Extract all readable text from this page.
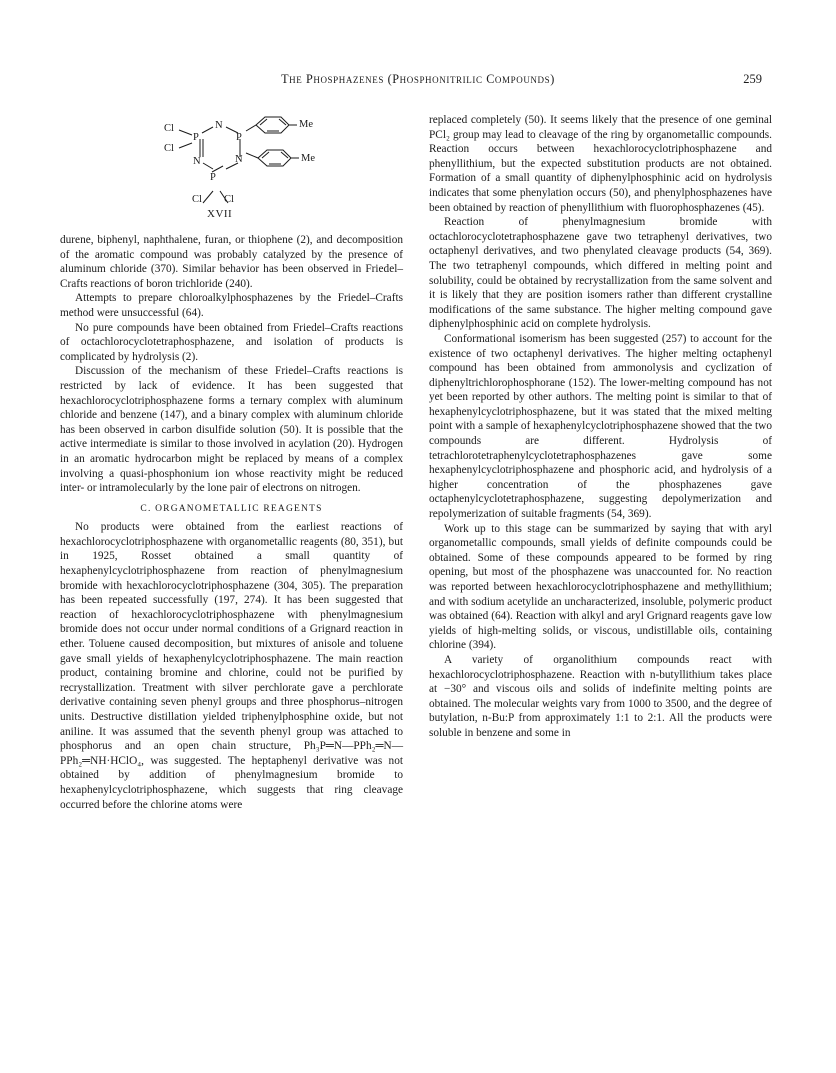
The Phosphazenes (Phosphonitrilic Compounds)	259
Cl
Cl
P
N
P
N
N
P
Cl Cl
Me
Me
XVII

durene, biphenyl, naphthalene, furan, or thiophene (2), and decomposition of the aromatic compound was probably catalyzed by the presence of aluminum chloride (370). Similar behavior has been observed in Friedel–Crafts reactions of boron trichloride (240).

Attempts to prepare chloroalkylphosphazenes by the Friedel–Crafts method were unsuccessful (64).

No pure compounds have been obtained from Friedel–Crafts reactions of octachlorocyclotetraphosphazene, and isolation of products is complicated by hydrolysis (2).

Discussion of the mechanism of these Friedel–Crafts reactions is restricted by lack of evidence. It has been suggested that hexachlorocyclotriphosphazene forms a ternary complex with aluminum chloride and benzene (147), and a binary complex with aluminum chloride has been observed in carbon disulfide solution (50). It is possible that the active intermediate is similar to those involved in acylation (20). Hydrogen in an aromatic hydrocarbon might be replaced by means of a complex involving a quasi-phosphonium ion whose reactivity might be reduced inter- or intramolecularly by the lone pair of electrons on nitrogen.

C. ORGANOMETALLIC REAGENTS

No products were obtained from the earliest reactions of hexachlorocyclotriphosphazene with organometallic reagents (80, 351), but in 1925, Rosset obtained a small quantity of hexaphenylcyclotriphosphazene from reaction of phenylmagnesium bromide with hexachlorocyclotriphosphazene (304, 305). The preparation has been repeated successfully (197, 274). It has been suggested that reaction of hexachlorocyclotriphosphazene with phenylmagnesium bromide does not occur under normal conditions of a Grignard reaction in ether. Toluene caused decomposition, but mixtures of anisole and toluene gave small yields of hexaphenylcyclotriphosphazene. The main reaction product, containing bromine and chlorine, could not be purified by recrystallization. Treatment with silver perchlorate gave a perchlorate derivative containing seven phenyl groups and three phosphorus–nitrogen units. Destructive distillation yielded triphenylphosphine oxide, but not aniline. It was assumed that the seventh phenyl group was attached to phosphorus and an open chain structure, Ph₃P═N—PPh₂═N—PPh₂═NH·HClO₄, was suggested. The heptaphenyl derivative was not obtained by addition of phenylmagnesium bromide to hexaphenylcyclotriphosphazene, which suggests that ring cleavage occurred before the chlorine atoms were

replaced completely (50). It seems likely that the presence of one geminal PCl₂ group may lead to cleavage of the ring by organometallic compounds. Reaction occurs between hexachlorocyclotriphosphazene and phenyllithium, but the expected substitution products are not obtained. Formation of a small quantity of diphenylphosphinic acid on hydrolysis indicates that some phenylation occurs (50), and phenylphosphazenes have been obtained by reaction of phenyllithium with fluorophosphazenes (45).

Reaction of phenylmagnesium bromide with octachlorocyclotetraphosphazene gave two tetraphenyl derivatives, two octaphenyl derivatives, and two phenylated cleavage products (54, 369). The two tetraphenyl compounds, which differed in melting point and solubility, could be obtained by recrystallization from the same solvent and it is likely that they are position isomers rather than different crystalline modifications of the same substance. The higher melting compound gave diphenylphosphinic acid on complete hydrolysis.

Conformational isomerism has been suggested (257) to account for the existence of two octaphenyl derivatives. The higher melting octaphenyl compound has been obtained from ammonolysis and cyclization of diphenyltrichlorophosphorane (152). The lower-melting compound has not yet been reported by other authors. The melting point is similar to that of hexaphenylcyclotriphosphazene, but it was stated that the mixed melting point with a sample of hexaphenylcyclotriphosphazene showed that the two compounds are different. Hydrolysis of tetrachlorotetraphenylcyclotetraphosphazenes gave some hexaphenylcyclotriphosphazene and phosphoric acid, and hydrolysis of a higher concentration of the phosphazenes gave octaphenylcyclotetraphosphazene, suggesting depolymerization and repolymerization of suitable fragments (54, 369).

Work up to this stage can be summarized by saying that with aryl organometallic compounds, small yields of definite compounds could be obtained. Some of these compounds appeared to be formed by ring opening, but most of the phosphazene was unaccounted for. No reaction was reported between hexachlorocyclotriphosphazene and methyllithium; and with sodium acetylide an uncharacterized, insoluble, polymeric product was obtained (64). Reaction with alkyl and aryl Grignard reagents gave low yields of high-melting solids, or viscous, undistillable oils, containing chlorine (394).

A variety of organolithium compounds react with hexachlorocyclotriphosphazene. Reaction with n-butyllithium takes place at −30° and viscous oils and solids of indefinite melting points are obtained. The molecular weights vary from 1000 to 3500, and the degree of butylation, n-Bu:P from approximately 1:1 to 2:1. All the products were soluble in benzene and some in
